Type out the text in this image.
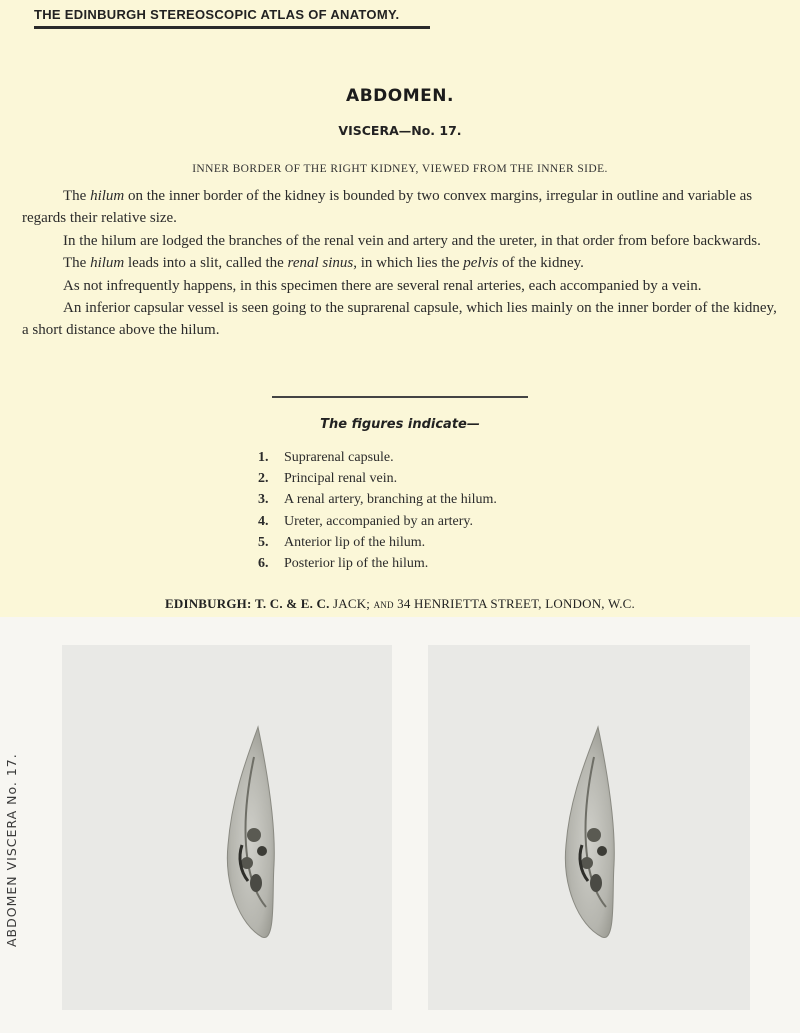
THE EDINBURGH STEREOSCOPIC ATLAS OF ANATOMY.
ABDOMEN.
VISCERA—No. 17.
INNER BORDER OF THE RIGHT KIDNEY, VIEWED FROM THE INNER SIDE.

The hilum on the inner border of the kidney is bounded by two convex margins, irregular in outline and variable as regards their relative size.

In the hilum are lodged the branches of the renal vein and artery and the ureter, in that order from before backwards.

The hilum leads into a slit, called the renal sinus, in which lies the pelvis of the kidney.

As not infrequently happens, in this specimen there are several renal arteries, each accompanied by a vein.

An inferior capsular vessel is seen going to the suprarenal capsule, which lies mainly on the inner border of the kidney, a short distance above the hilum.

The figures indicate—
1.	Suprarenal capsule.
2.	Principal renal vein.
3.	A renal artery, branching at the hilum.
4.	Ureter, accompanied by an artery.
5.	Anterior lip of the hilum.
6.	Posterior lip of the hilum.
EDINBURGH: T. C. & E. C. JACK; AND 34 HENRIETTA STREET, LONDON, W.C.
ABDOMEN VISCERA No. 17.
